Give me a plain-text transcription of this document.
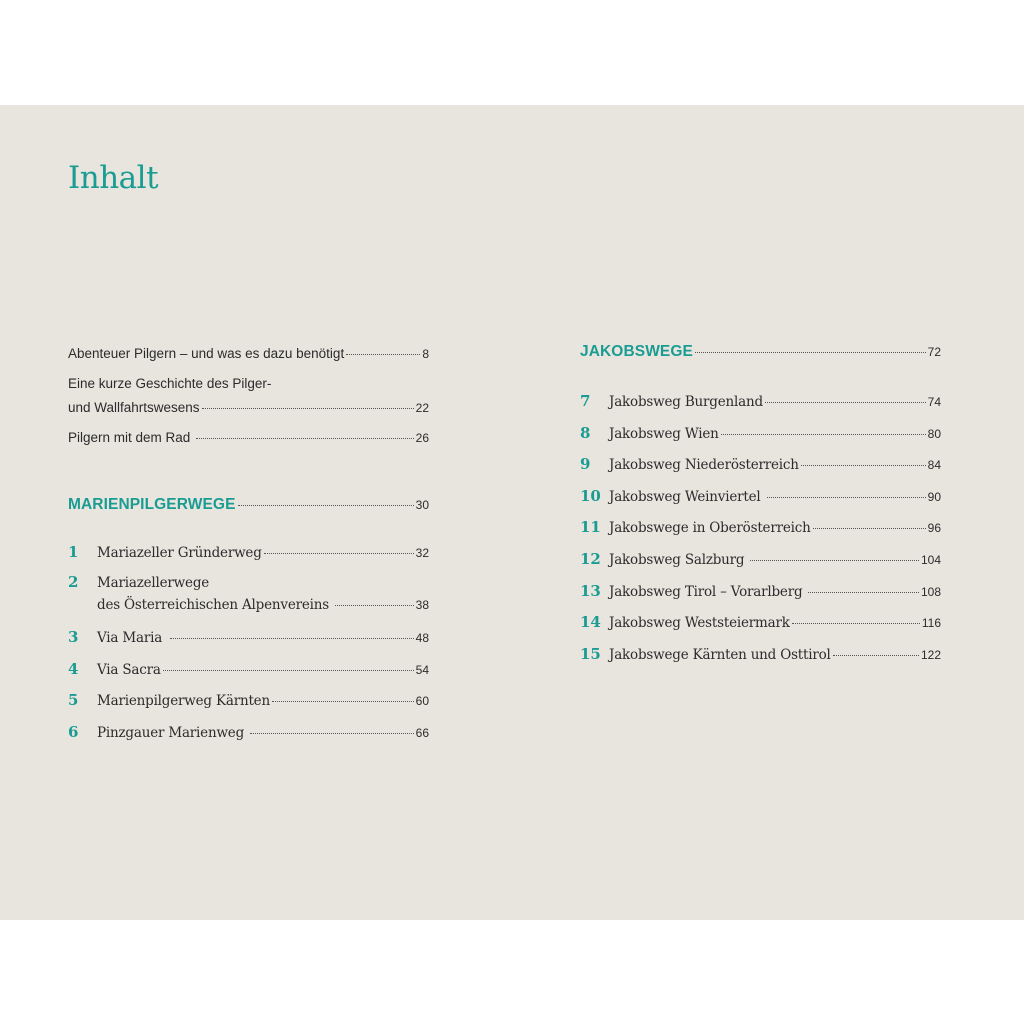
Inhalt
Abenteuer Pilgern – und was es dazu benötigt	8
Eine kurze Geschichte des Pilger-
und Wallfahrtswesens	22
Pilgern mit dem Rad	26
MARIENPILGERWEGE	30
1	Mariazeller Gründerweg	32
2	Mariazellerwege
des Österreichischen Alpenvereins	38
3	Via Maria	48
4	Via Sacra	54
5	Marienpilgerweg Kärnten	60
6	Pinzgauer Marienweg	66
JAKOBSWEGE	72
7	Jakobsweg Burgenland	74
8	Jakobsweg Wien	80
9	Jakobsweg Niederösterreich	84
10 Jakobsweg Weinviertel	90
11 Jakobswege in Oberösterreich	96
12 Jakobsweg Salzburg	104
13 Jakobsweg Tirol – Vorarlberg	108
14 Jakobsweg Weststeiermark	116
15 Jakobswege Kärnten und Osttirol	122
